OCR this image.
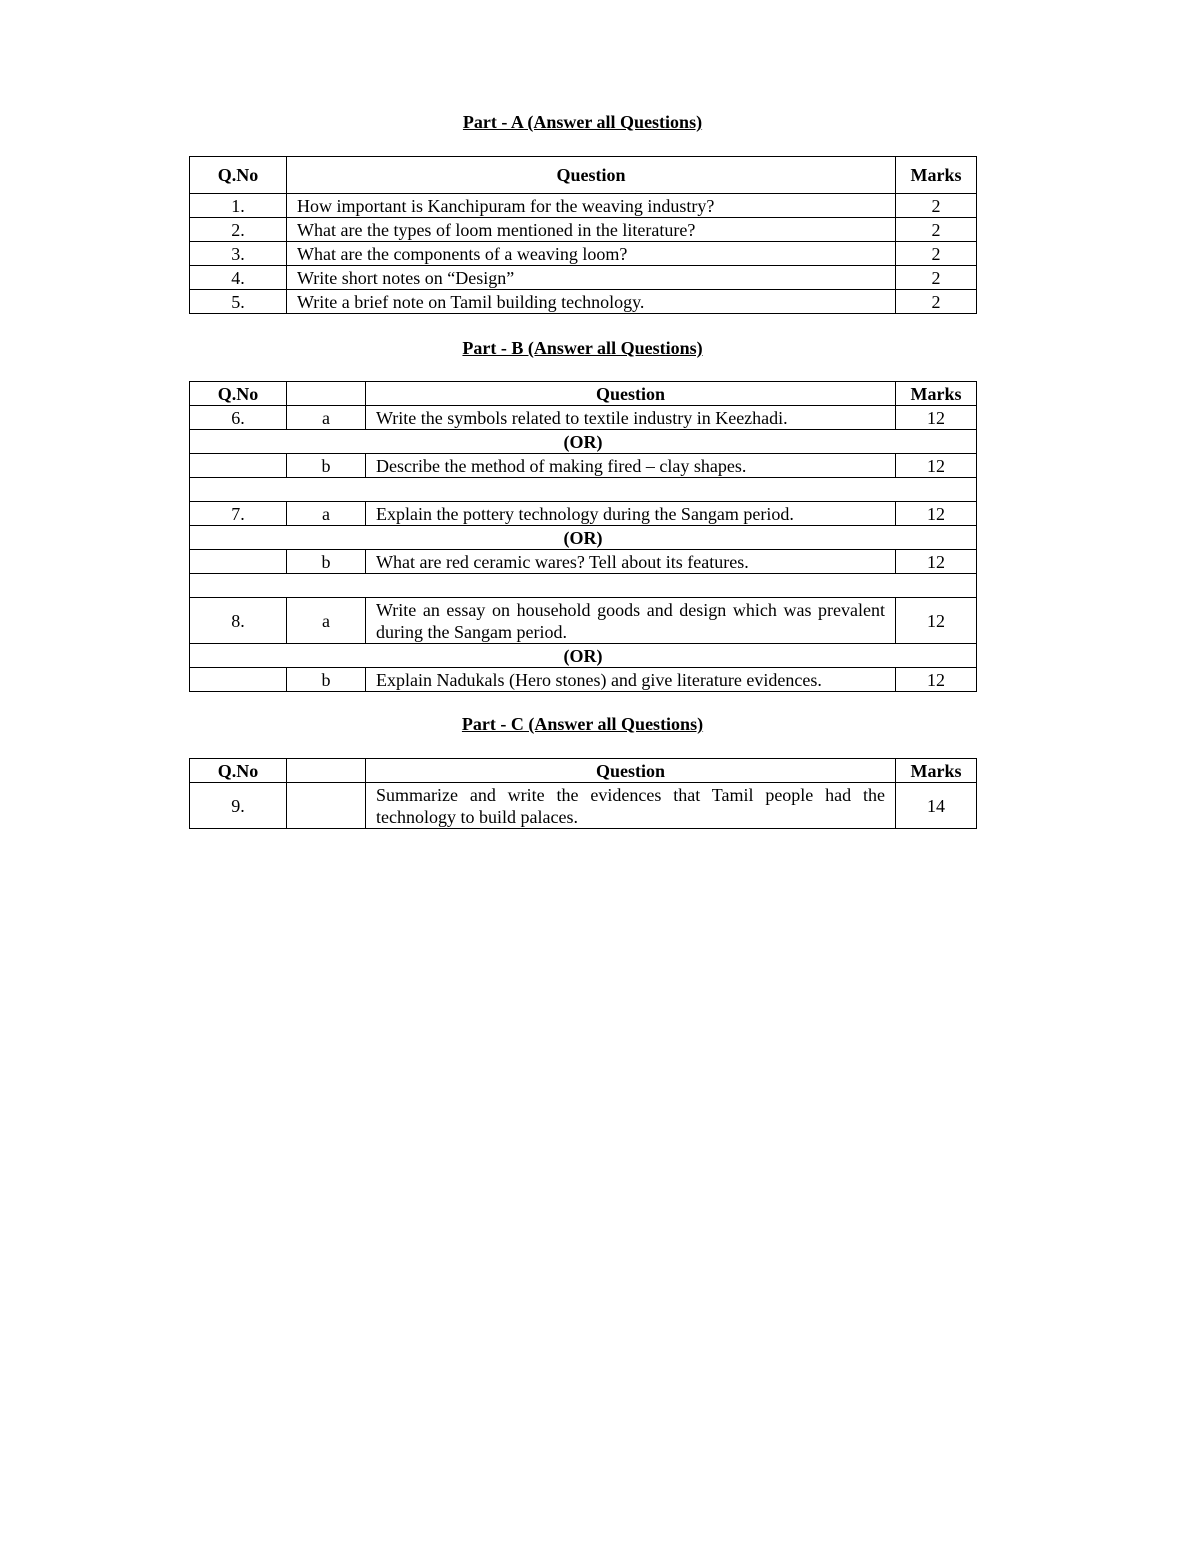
Part - A (Answer all Questions)
Q.No	Question	Marks
1.	How important is Kanchipuram for the weaving industry?	2
2.	What are the types of loom mentioned in the literature?	2
3.	What are the components of a weaving loom?	2
4.	Write short notes on “Design”	2
5.	Write a brief note on Tamil building technology.	2
Part - B (Answer all Questions)
Q.No		Question	Marks
6.	a	Write the symbols related to textile industry in Keezhadi.	12
(OR)			
	b	Describe the method of making fired – clay shapes.	12

7.	a	Explain the pottery technology during the Sangam period.	12
(OR)			
	b	What are red ceramic wares? Tell about its features.	12

8.	a	Write an essay on household goods and design which was prevalent during the Sangam period.	12
(OR)			
	b	Explain Nadukals (Hero stones) and give literature evidences.	12
Part - C (Answer all Questions)
Q.No		Question	Marks
9.		Summarize and write the evidences that Tamil people had the technology to build palaces.	14
